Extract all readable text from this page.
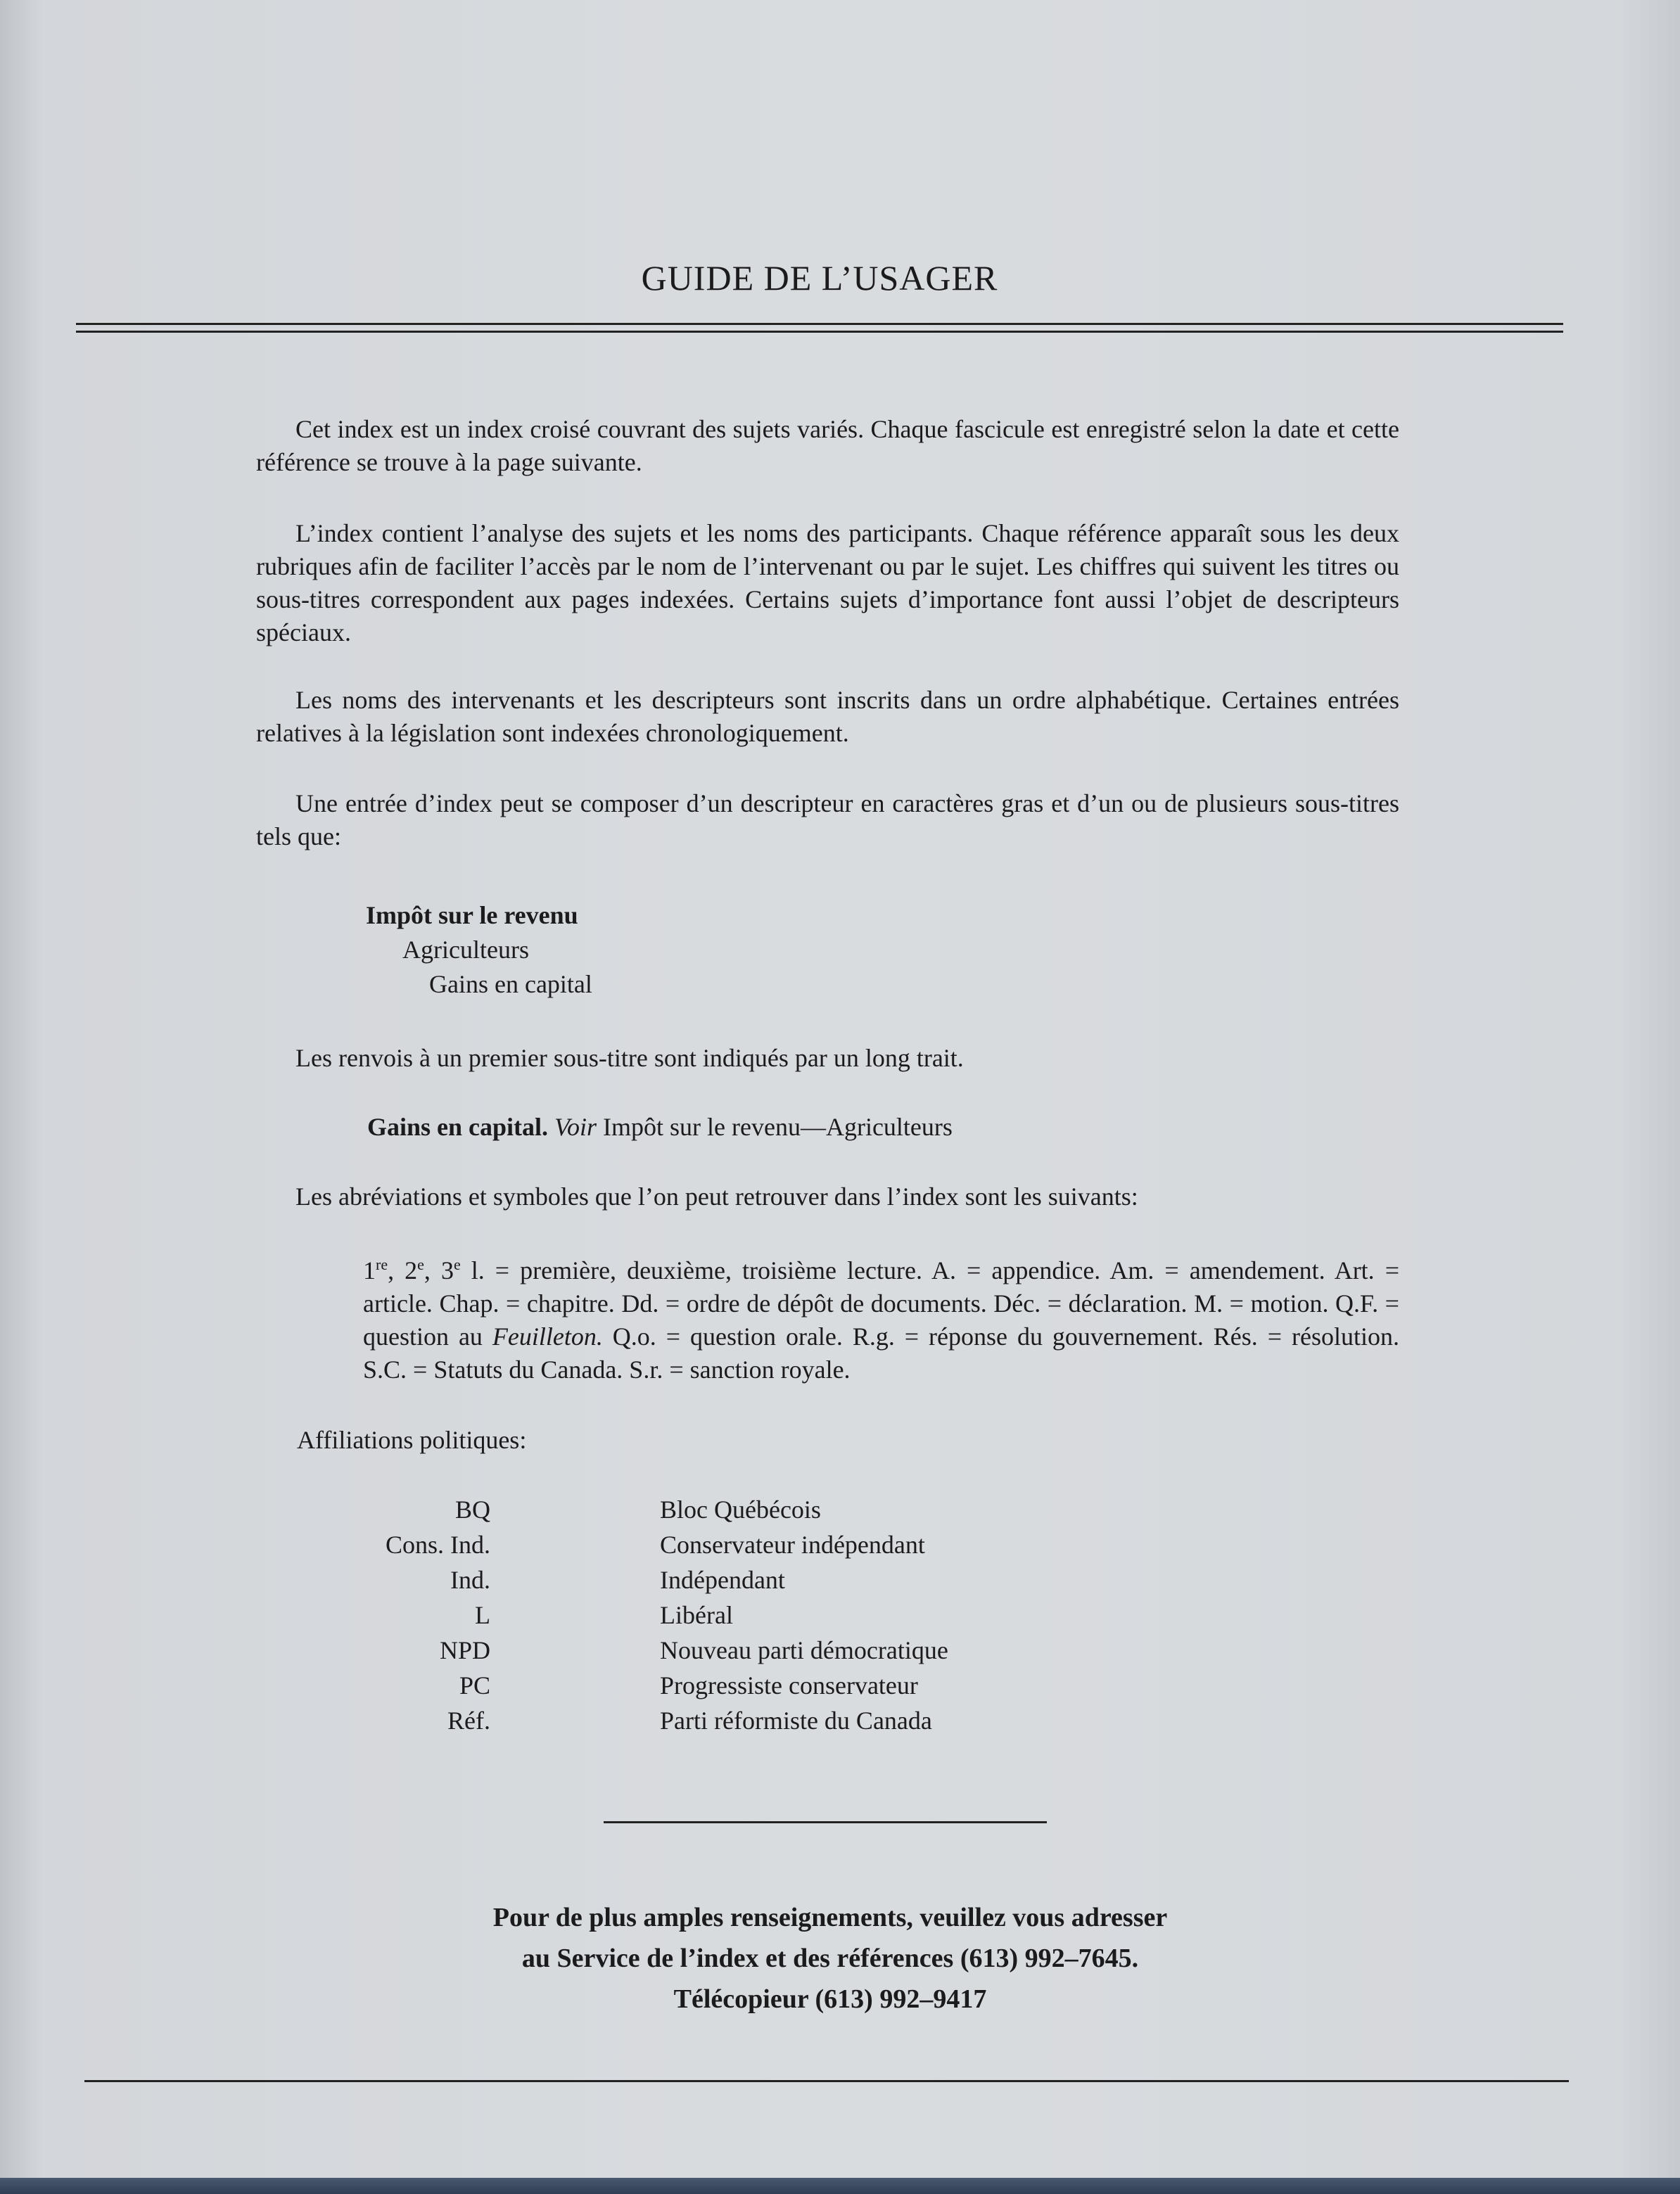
GUIDE DE L’USAGER
Cet index est un index croisé couvrant des sujets variés. Chaque fascicule est enregistré selon la date et cette référence se trouve à la page suivante.
L’index contient l’analyse des sujets et les noms des participants. Chaque référence apparaît sous les deux rubriques afin de faciliter l’accès par le nom de l’intervenant ou par le sujet. Les chiffres qui suivent les titres ou sous-titres correspondent aux pages indexées. Certains sujets d’importance font aussi l’objet de descripteurs spéciaux.
Les noms des intervenants et les descripteurs sont inscrits dans un ordre alphabétique. Certaines entrées relatives à la législation sont indexées chronologiquement.
Une entrée d’index peut se composer d’un descripteur en caractères gras et d’un ou de plusieurs sous-titres tels que:
Impôt sur le revenu
Agriculteurs
Gains en capital
Les renvois à un premier sous-titre sont indiqués par un long trait.
Gains en capital. Voir Impôt sur le revenu—Agriculteurs
Les abréviations et symboles que l’on peut retrouver dans l’index sont les suivants:
1re, 2e, 3e l. = première, deuxième, troisième lecture. A. = appendice. Am. = amendement. Art. = article. Chap. = chapitre. Dd. = ordre de dépôt de documents. Déc. = déclaration. M. = motion. Q.F. = question au Feuilleton. Q.o. = question orale. R.g. = réponse du gouvernement. Rés. = résolution. S.C. = Statuts du Canada. S.r. = sanction royale.
Affiliations politiques:
BQ	Bloc Québécois
Cons. Ind.	Conservateur indépendant
Ind.	Indépendant
L	Libéral
NPD	Nouveau parti démocratique
PC	Progressiste conservateur
Réf.	Parti réformiste du Canada
Pour de plus amples renseignements, veuillez vous adresser
au Service de l’index et des références (613) 992–7645.
Télécopieur (613) 992–9417
